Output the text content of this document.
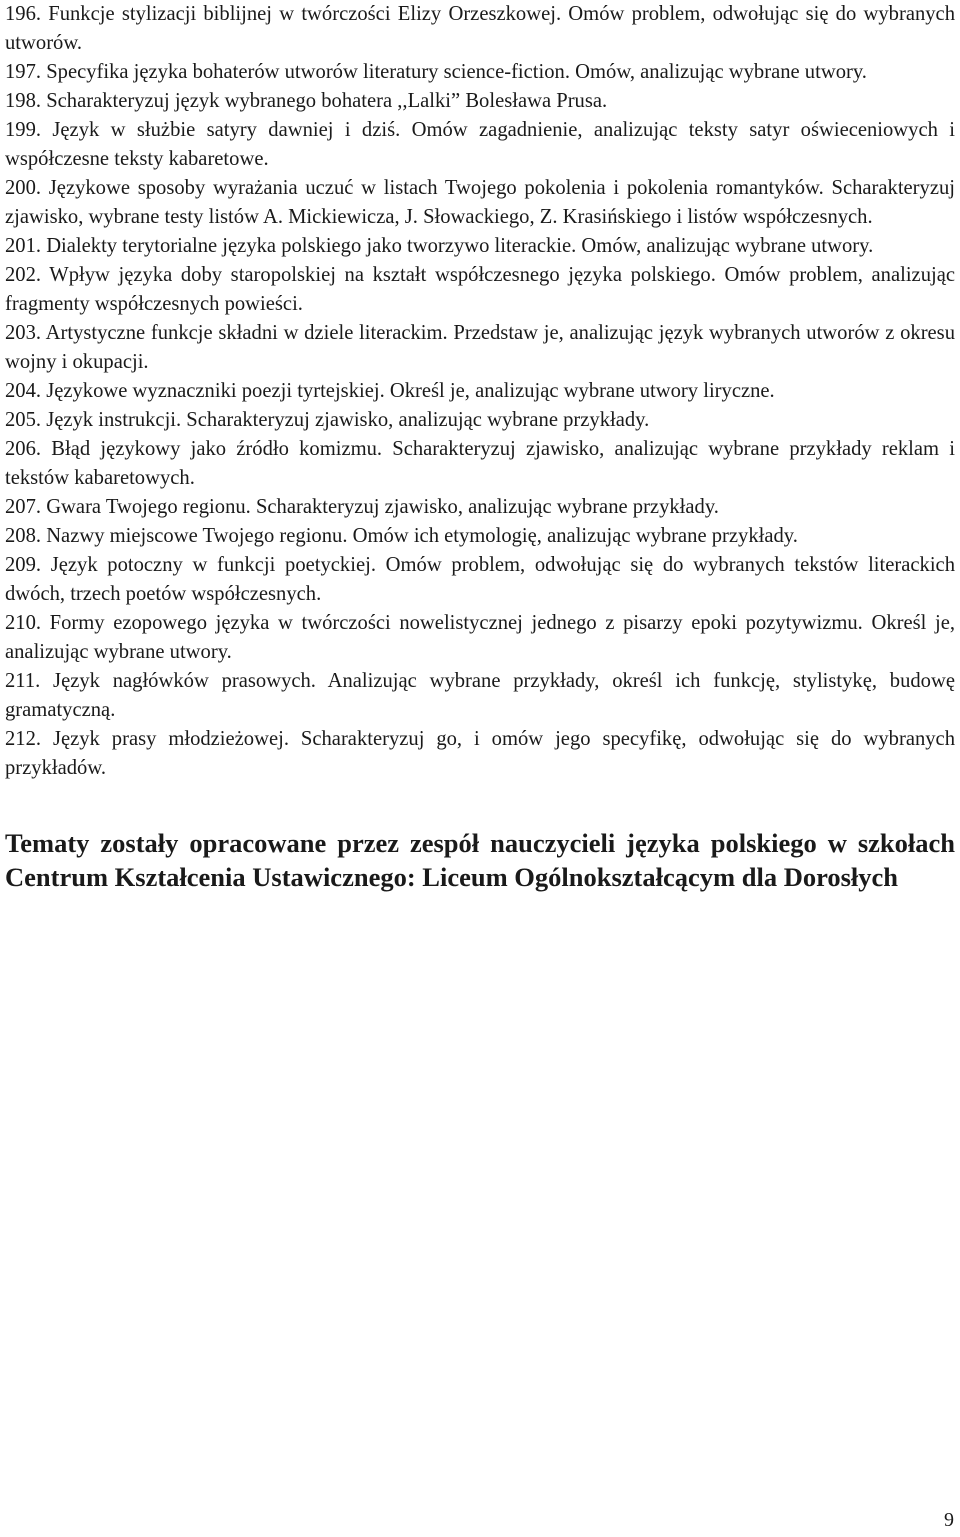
196. Funkcje stylizacji biblijnej w twórczości Elizy Orzeszkowej. Omów problem, odwołując się do wybranych utworów.
197. Specyfika języka bohaterów utworów literatury science-fiction. Omów, analizując wybrane utwory.
198. Scharakteryzuj język wybranego bohatera ,,Lalki” Bolesława Prusa.
199. Język w służbie satyry dawniej i dziś. Omów zagadnienie, analizując teksty satyr oświeceniowych i współczesne teksty kabaretowe.
200. Językowe sposoby wyrażania uczuć w listach Twojego pokolenia i pokolenia romantyków. Scharakteryzuj zjawisko, wybrane testy listów A. Mickiewicza, J. Słowackiego, Z. Krasińskiego i listów współczesnych.
201. Dialekty terytorialne języka polskiego jako tworzywo literackie. Omów, analizując wybrane utwory.
202. Wpływ języka doby staropolskiej na kształt współczesnego języka polskiego. Omów problem, analizując fragmenty współczesnych powieści.
203. Artystyczne funkcje składni w dziele literackim. Przedstaw je, analizując język wybranych utworów z okresu wojny i okupacji.
204. Językowe wyznaczniki poezji tyrtejskiej. Określ je, analizując wybrane utwory liryczne.
205. Język instrukcji. Scharakteryzuj zjawisko, analizując wybrane przykłady.
206. Błąd językowy jako źródło komizmu. Scharakteryzuj zjawisko, analizując wybrane przykłady reklam i tekstów kabaretowych.
207. Gwara Twojego regionu. Scharakteryzuj zjawisko, analizując wybrane przykłady.
208. Nazwy miejscowe Twojego regionu. Omów ich etymologię, analizując wybrane przykłady.
209. Język potoczny w funkcji poetyckiej. Omów problem, odwołując się do wybranych tekstów literackich dwóch, trzech poetów współczesnych.
210. Formy ezopowego języka w twórczości nowelistycznej jednego z pisarzy epoki pozytywizmu. Określ je, analizując wybrane utwory.
211. Język nagłówków prasowych. Analizując wybrane przykłady, określ ich funkcję, stylistykę, budowę gramatyczną.
212. Język prasy młodzieżowej. Scharakteryzuj go, i omów jego specyfikę, odwołując się do wybranych przykładów.

Tematy zostały opracowane przez zespół nauczycieli języka polskiego w szkołach Centrum Kształcenia Ustawicznego: Liceum Ogólnokształcącym dla Dorosłych

9
